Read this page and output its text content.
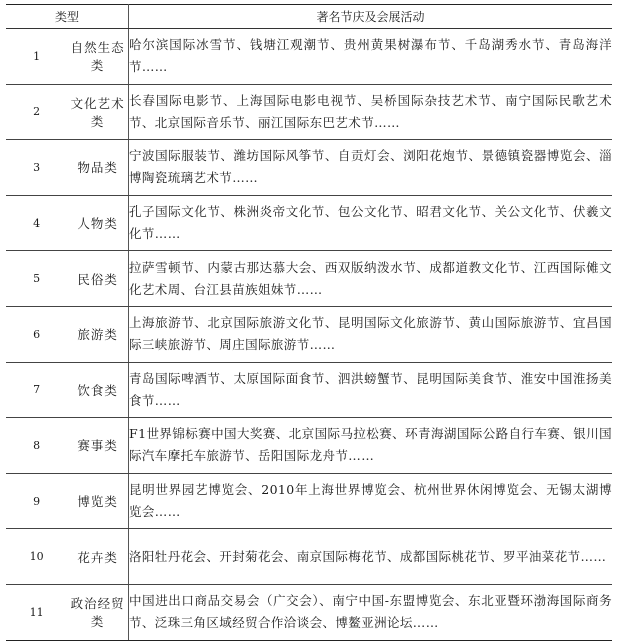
类型		著名节庆及会展活动
1	自然生态类	哈尔滨国际冰雪节、钱塘江观潮节、贵州黄果树瀑布节、千岛湖秀水节、青岛海洋节……
2	文化艺术类	长春国际电影节、上海国际电影电视节、吴桥国际杂技艺术节、南宁国际民歌艺术节、北京国际音乐节、丽江国际东巴艺术节……
3	物品类	宁波国际服装节、潍坊国际风筝节、自贡灯会、浏阳花炮节、景德镇瓷器博览会、淄博陶瓷琉璃艺术节……
4	人物类	孔子国际文化节、株洲炎帝文化节、包公文化节、昭君文化节、关公文化节、伏羲文化节……
5	民俗类	拉萨雪顿节、内蒙古那达慕大会、西双版纳泼水节、成都道教文化节、江西国际傩文化艺术周、台江县苗族姐妹节……
6	旅游类	上海旅游节、北京国际旅游文化节、昆明国际文化旅游节、黄山国际旅游节、宜昌国际三峡旅游节、周庄国际旅游节……
7	饮食类	青岛国际啤酒节、太原国际面食节、泗洪螃蟹节、昆明国际美食节、淮安中国淮扬美食节……
8	赛事类	F1世界锦标赛中国大奖赛、北京国际马拉松赛、环青海湖国际公路自行车赛、银川国际汽车摩托车旅游节、岳阳国际龙舟节……
9	博览类	昆明世界园艺博览会、2010年上海世界博览会、杭州世界休闲博览会、无锡太湖博览会……
10	花卉类	洛阳牡丹花会、开封菊花会、南京国际梅花节、成都国际桃花节、罗平油菜花节……
11	政治经贸类	中国进出口商品交易会（广交会）、南宁中国-东盟博览会、东北亚暨环渤海国际商务节、泛珠三角区域经贸合作洽谈会、博鳌亚洲论坛……
